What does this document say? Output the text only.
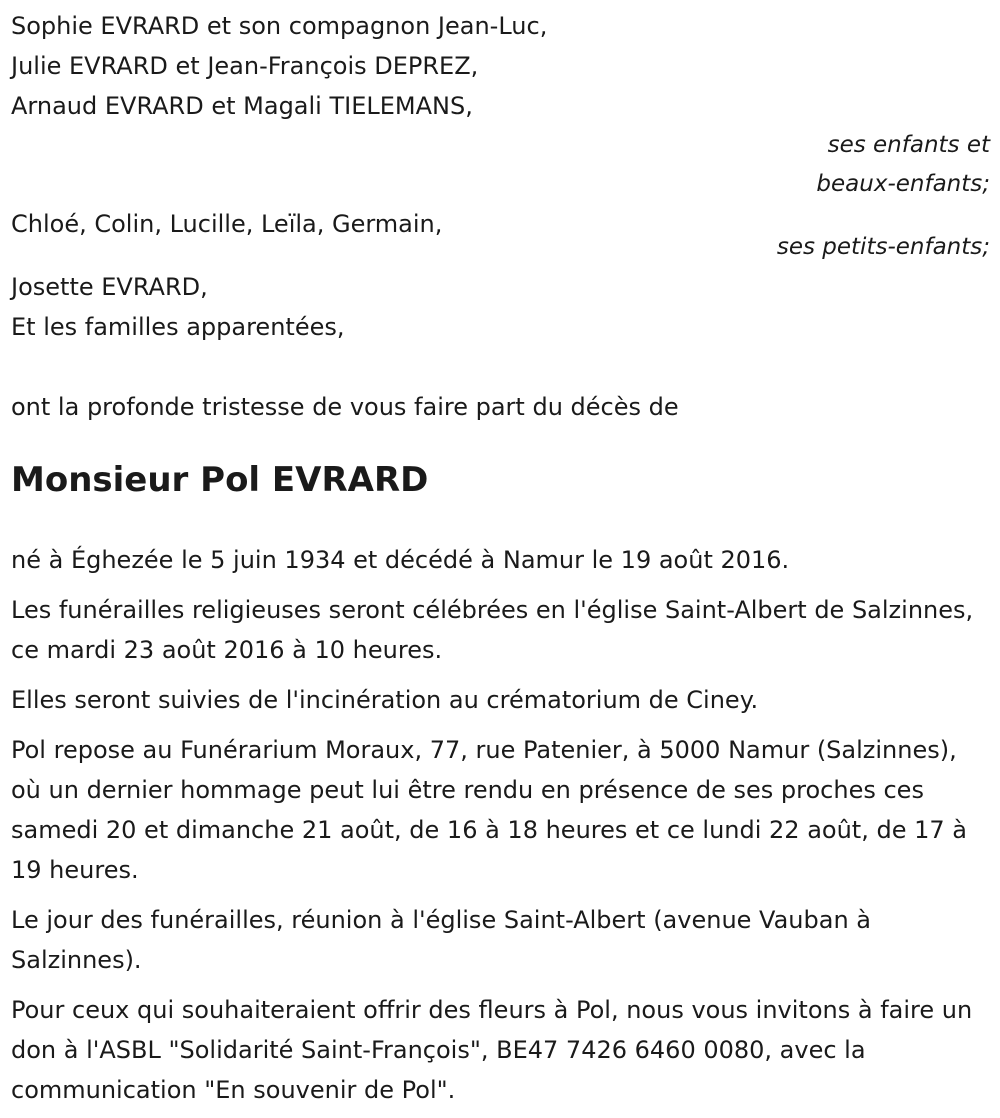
Sophie EVRARD et son compagnon Jean-Luc,
Julie EVRARD et Jean-François DEPREZ,
Arnaud EVRARD et Magali TIELEMANS,
ses enfants et
beaux-enfants;
Chloé, Colin, Lucille, Leïla, Germain,
ses petits-enfants;
Josette EVRARD,
Et les familles apparentées,
ont la profonde tristesse de vous faire part du décès de
Monsieur Pol EVRARD

né à Éghezée le 5 juin 1934 et décédé à Namur le 19 août 2016.

Les funérailles religieuses seront célébrées en l'église Saint-Albert de Salzinnes, ce mardi 23 août 2016 à 10 heures.

Elles seront suivies de l'incinération au crématorium de Ciney.

Pol repose au Funérarium Moraux, 77, rue Patenier, à 5000 Namur (Salzinnes), où un dernier hommage peut lui être rendu en présence de ses proches ces samedi 20 et dimanche 21 août, de 16 à 18 heures et ce lundi 22 août, de 17 à 19 heures.

Le jour des funérailles, réunion à l'église Saint-Albert (avenue Vauban à Salzinnes).

Pour ceux qui souhaiteraient offrir des fleurs à Pol, nous vous invitons à faire un don à l'ASBL "Solidarité Saint-François", BE47 7426 6460 0080, avec la communication "En souvenir de Pol".
